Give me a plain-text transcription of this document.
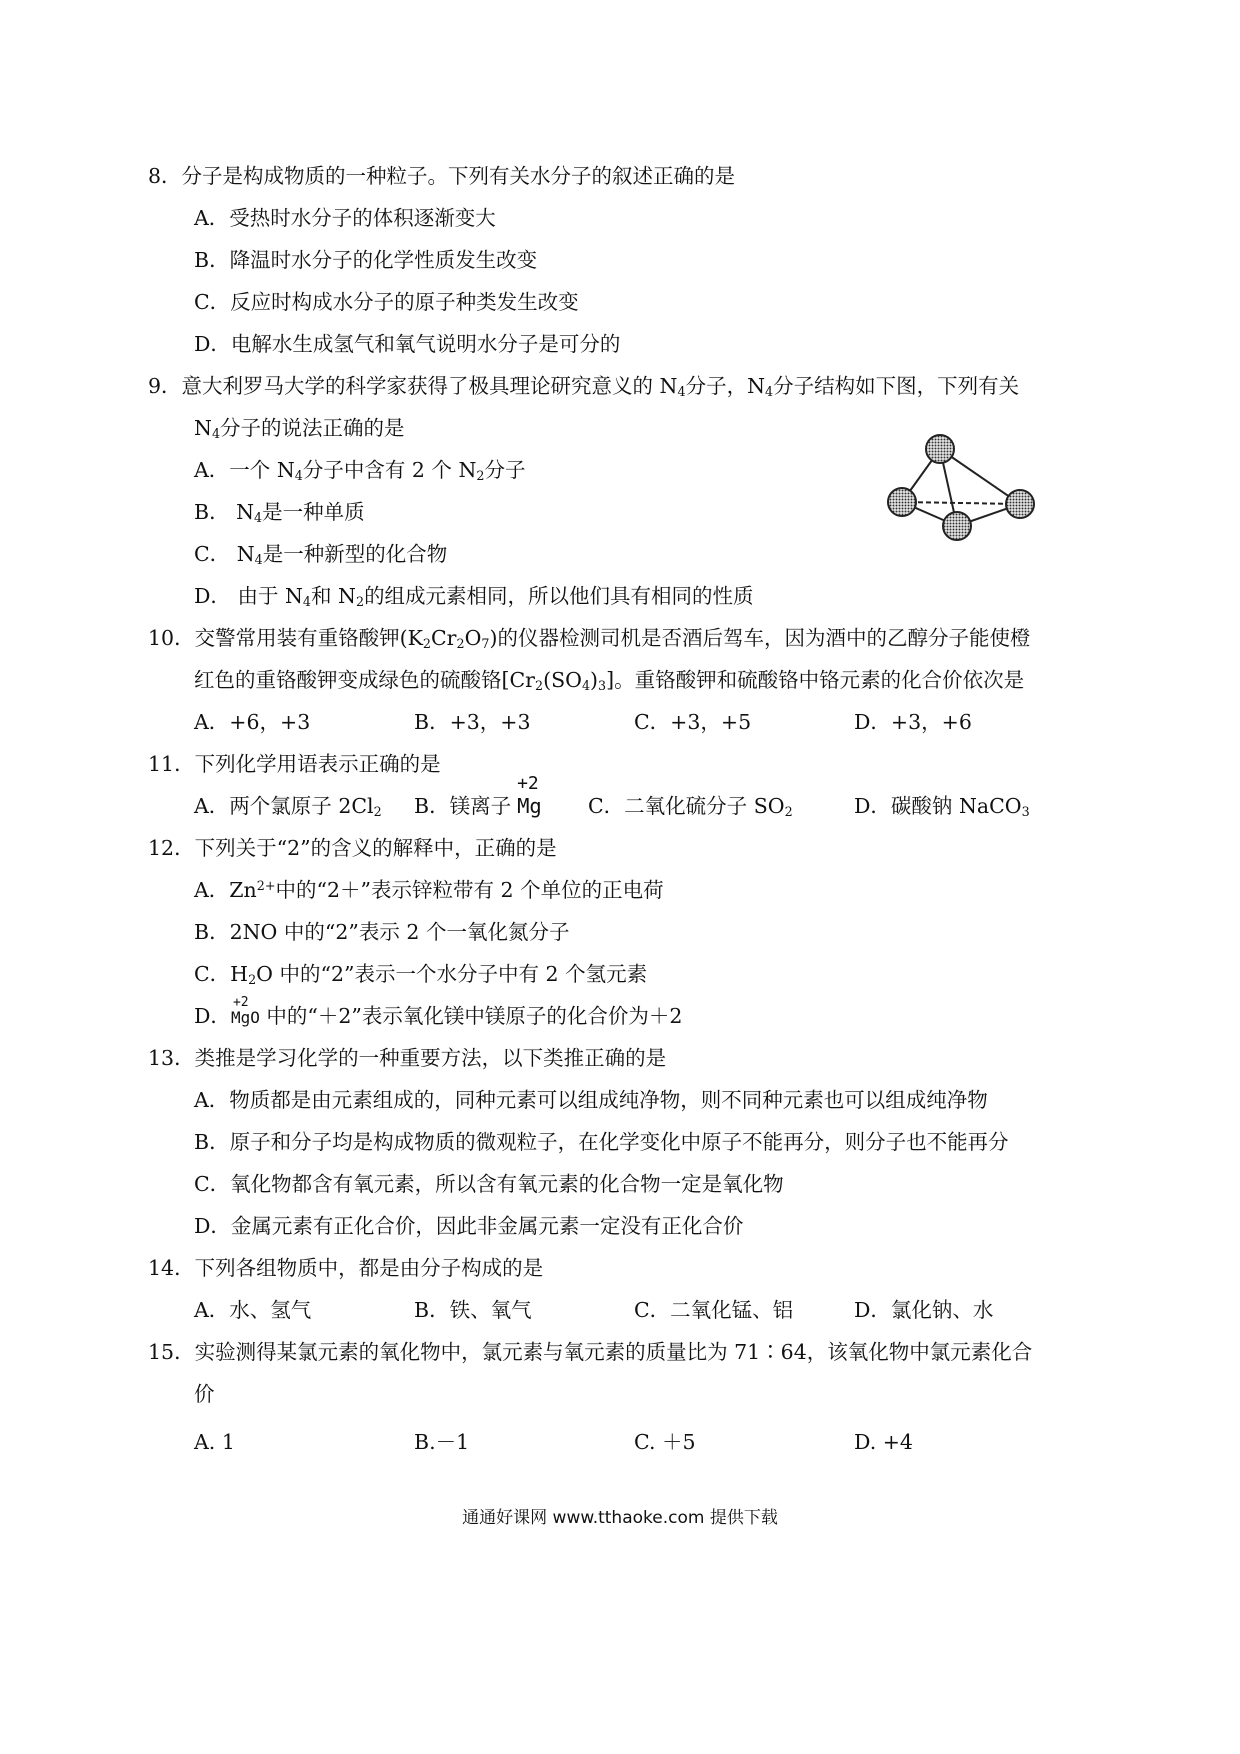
8．分子是构成物质的一种粒子。下列有关水分子的叙述正确的是
A．受热时水分子的体积逐渐变大
B．降温时水分子的化学性质发生改变
C．反应时构成水分子的原子种类发生改变
D．电解水生成氢气和氧气说明水分子是可分的
9．意大利罗马大学的科学家获得了极具理论研究意义的 $N_4$分子，$N_4$分子结构如下图，下列有关
$N_4$分子的说法正确的是
A．一个 $N_4$分子中含有 2 个 $N_2$分子
B． $N_4$是一种单质
C． $N_4$是一种新型的化合物
D． 由于 $N_4$和 $N_2$的组成元素相同，所以他们具有相同的性质
10．交警常用装有重铬酸钾$(K_2Cr_2O_7)$的仪器检测司机是否酒后驾车，因为酒中的乙醇分子能使橙
红色的重铬酸钾变成绿色的硫酸铬$[Cr_2(SO_4)_3]$。重铬酸钾和硫酸铬中铬元素的化合价依次是
A．+6，+3	B．+3，+3	C．+3，+5	D．+3，+6
11．下列化学用语表示正确的是
A．两个氯原子 $2Cl_2$ B．镁离子
+2
Mg C．二氧化硫分子 $SO_2$	D．碳酸钠 NaCO$_3$
12．下列关于“2”的含义的解释中，正确的是
A．$Zn^{2+}$中的“2＋”表示锌粒带有 2 个单位的正电荷
B．2NO 中的“2”表示 2 个一氧化氮分子
C．$H_2O$ 中的“2”表示一个水分子中有 2 个氢元素
D．
+2
MgO 中的“＋2”表示氧化镁中镁原子的化合价为＋2
13．类推是学习化学的一种重要方法，以下类推正确的是
A．物质都是由元素组成的，同种元素可以组成纯净物，则不同种元素也可以组成纯净物
B．原子和分子均是构成物质的微观粒子，在化学变化中原子不能再分，则分子也不能再分
C．氧化物都含有氧元素，所以含有氧元素的化合物一定是氧化物
D．金属元素有正化合价，因此非金属元素一定没有正化合价
14．下列各组物质中，都是由分子构成的是
A．水、氢气	B．铁、氧气	C．二氧化锰、铝	D．氯化钠、水
15．实验测得某氯元素的氧化物中，氯元素与氧元素的质量比为 71∶64，该氧化物中氯元素化合
价
A. 1	B.－1	C. ＋5	D. +4
通通好课网 www.tthaoke.com 提供下载
